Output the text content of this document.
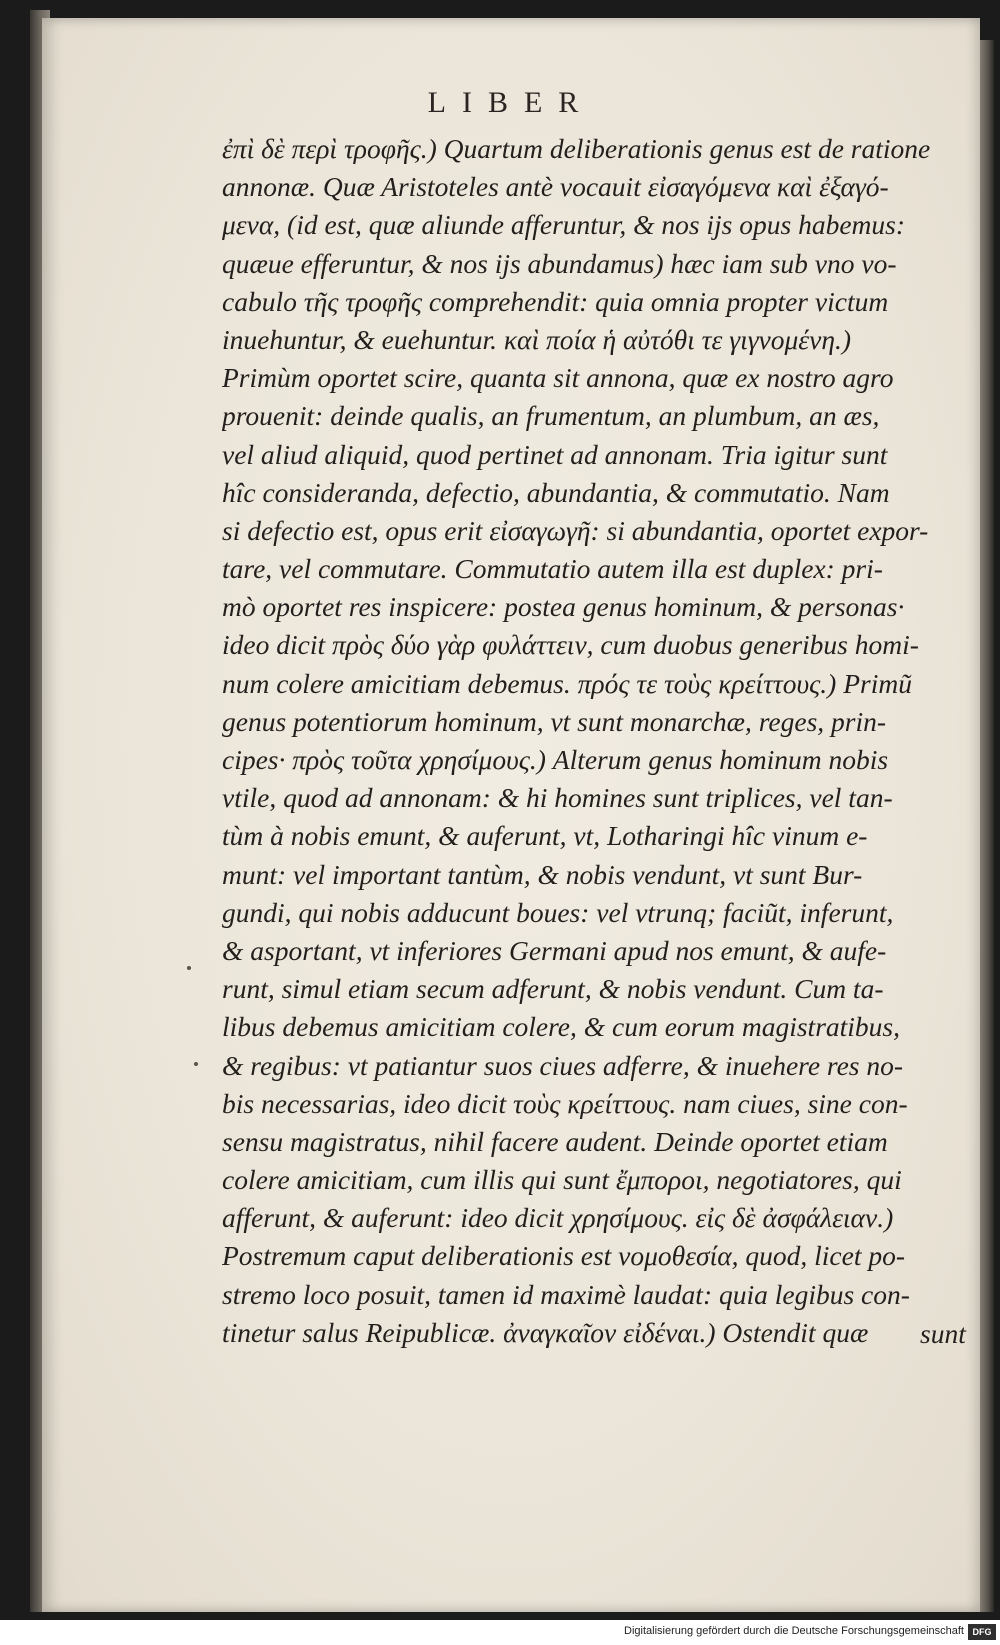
LIBER
ἐπὶ δὲ περὶ τροφῆς.) Quartum deliberationis genus est de ratione
annonæ. Quæ Aristoteles antè vocauit εἰσαγόμενα καὶ ἐξαγό-
μενα, (id est, quæ aliunde afferuntur, & nos ijs opus habemus:
quæue efferuntur, & nos ijs abundamus) hæc iam sub vno vo-
cabulo τῆς τροφῆς comprehendit: quia omnia propter victum
inuehuntur, & euehuntur. καὶ ποία ἡ αὐτόθι τε γιγνομένη.)
Primùm oportet scire, quanta sit annona, quæ ex nostro agro
prouenit: deinde qualis, an frumentum, an plumbum, an æs,
vel aliud aliquid, quod pertinet ad annonam. Tria igitur sunt
hîc consideranda, defectio, abundantia, & commutatio. Nam
si defectio est, opus erit εἰσαγωγῆ: si abundantia, oportet expor-
tare, vel commutare. Commutatio autem illa est duplex: pri-
mò oportet res inspicere: postea genus hominum, & personas·
ideo dicit πρὸς δύο γὰρ φυλάττειν, cum duobus generibus homi-
num colere amicitiam debemus. πρός τε τοὺς κρείττους.) Primũ
genus potentiorum hominum, vt sunt monarchæ, reges, prin-
cipes· πρὸς τοῦτα χρησίμους.) Alterum genus hominum nobis
vtile, quod ad annonam: & hi homines sunt triplices, vel tan-
tùm à nobis emunt, & auferunt, vt, Lotharingi hîc vinum e-
munt: vel important tantùm, & nobis vendunt, vt sunt Bur-
gundi, qui nobis adducunt boues: vel vtrunq; faciũt, inferunt,
& asportant, vt inferiores Germani apud nos emunt, & aufe-
runt, simul etiam secum adferunt, & nobis vendunt. Cum ta-
libus debemus amicitiam colere, & cum eorum magistratibus,
& regibus: vt patiantur suos ciues adferre, & inuehere res no-
bis necessarias, ideo dicit τοὺς κρείττους. nam ciues, sine con-
sensu magistratus, nihil facere audent. Deinde oportet etiam
colere amicitiam, cum illis qui sunt ἔμποροι, negotiatores, qui
afferunt, & auferunt: ideo dicit χρησίμους. εἰς δὲ ἀσφάλειαν.)
Postremum caput deliberationis est νομοθεσία, quod, licet po-
stremo loco posuit, tamen id maximè laudat: quia legibus con-
tinetur salus Reipublicæ. ἀναγκαῖον εἰδέναι.) Ostendit quæ	sunt
Digitalisierung gefördert durch die Deutsche Forschungsgemeinschaft DFG
